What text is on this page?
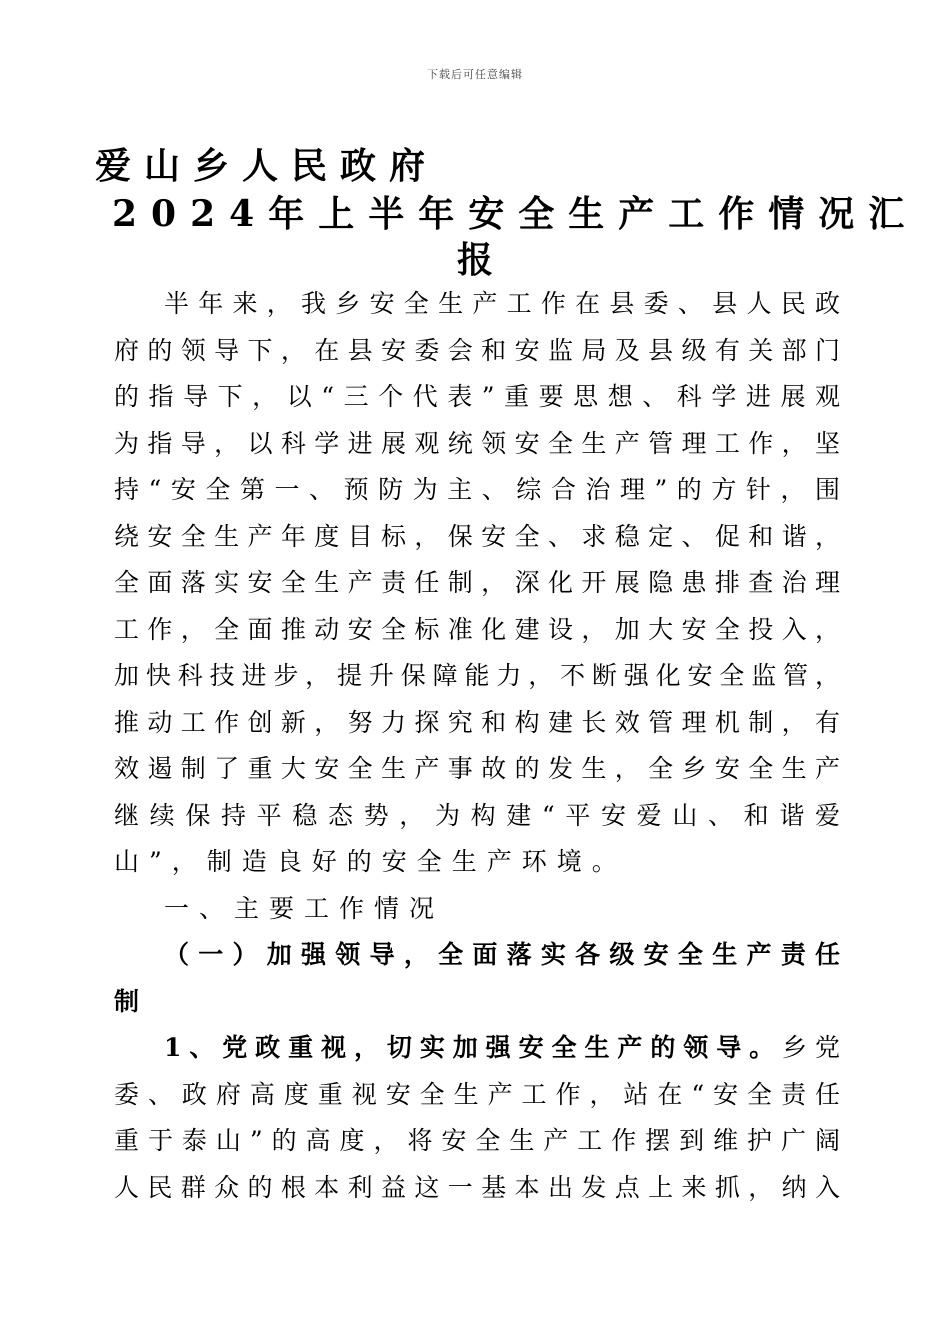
下载后可任意编辑
爱山乡人民政府
2024年上半年安全生产工作情况汇
报
半年来，我乡安全生产工作在县委、县人民政
府的领导下，在县安委会和安监局及县级有关部门
的指导下，以“三个代表”重要思想、科学进展观
为指导，以科学进展观统领安全生产管理工作，坚
持“安全第一、预防为主、综合治理”的方针，围
绕安全生产年度目标，保安全、求稳定、促和谐，
全面落实安全生产责任制，深化开展隐患排查治理
工作，全面推动安全标准化建设，加大安全投入，
加快科技进步，提升保障能力，不断强化安全监管，
推动工作创新，努力探究和构建长效管理机制，有
效遏制了重大安全生产事故的发生，全乡安全生产
继续保持平稳态势，为构建“平安爱山、和谐爱
山”，制造良好的安全生产环境。
一、主要工作情况
（一）加强领导，全面落实各级安全生产责任
制
1、党政重视，切实加强安全生产的领导。乡党
委、政府高度重视安全生产工作，站在“安全责任
重于泰山”的高度，将安全生产工作摆到维护广阔
人民群众的根本利益这一基本出发点上来抓，纳入
